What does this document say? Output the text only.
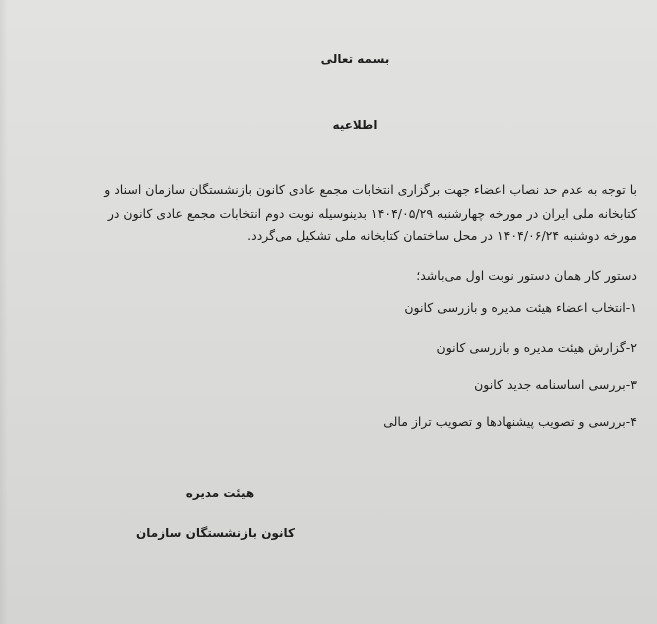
بسمه تعالی
اطلاعیه
با توجه به عدم حد نصاب اعضاء جهت برگزاری انتخابات مجمع عادی کانون بازنشستگان سازمان اسناد و
کتابخانه ملی ایران در مورخه چهارشنبه ۱۴۰۴/۰۵/۲۹ بدینوسیله نوبت دوم انتخابات مجمع عادی کانون در
مورخه دوشنبه ۱۴۰۴/۰۶/۲۴ در محل ساختمان کتابخانه ملی تشکیل می‌گردد.
دستور کار همان دستور نوبت اول می‌باشد؛
۱-انتخاب اعضاء هیئت مدیره و بازرسی کانون
۲-گزارش هیئت مدیره و بازرسی کانون
۳-بررسی اساسنامه جدید کانون
۴-بررسی و تصویب پیشنهادها و تصویب تراز مالی
هیئت مدیره
کانون بازنشستگان سازمان
